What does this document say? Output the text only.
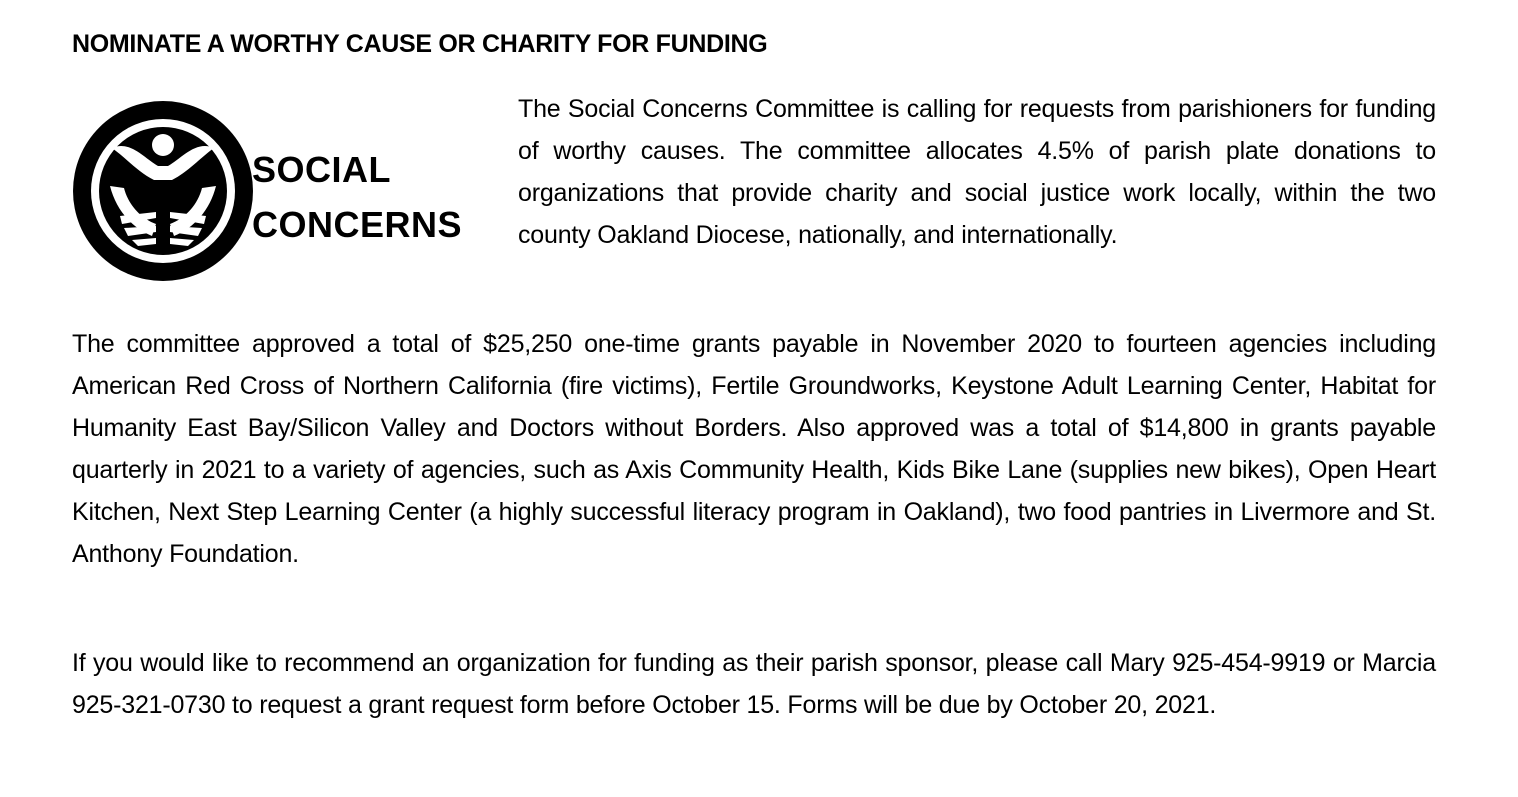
NOMINATE A WORTHY CAUSE OR CHARITY FOR FUNDING
SOCIAL
CONCERNS
The Social Concerns Committee is calling for requests from parishioners for funding of worthy causes. The committee allocates 4.5% of parish plate donations to organizations that provide charity and social justice work locally, within the two county Oakland Diocese, nationally, and internationally.
The committee approved a total of $25,250 one-time grants payable in November 2020 to fourteen agencies including American Red Cross of Northern California (fire victims), Fertile Groundworks, Keystone Adult Learning Center, Habitat for Humanity East Bay/Silicon Valley and Doctors without Borders. Also approved was a total of $14,800 in grants payable quarterly in 2021 to a variety of agencies, such as Axis Community Health, Kids Bike Lane (supplies new bikes), Open Heart Kitchen, Next Step Learning Center (a highly successful literacy program in Oakland), two food pantries in Livermore and St. Anthony Foundation.
If you would like to recommend an organization for funding as their parish sponsor, please call Mary 925-454-9919 or Marcia 925-321-0730 to request a grant request form before October 15. Forms will be due by October 20, 2021.
